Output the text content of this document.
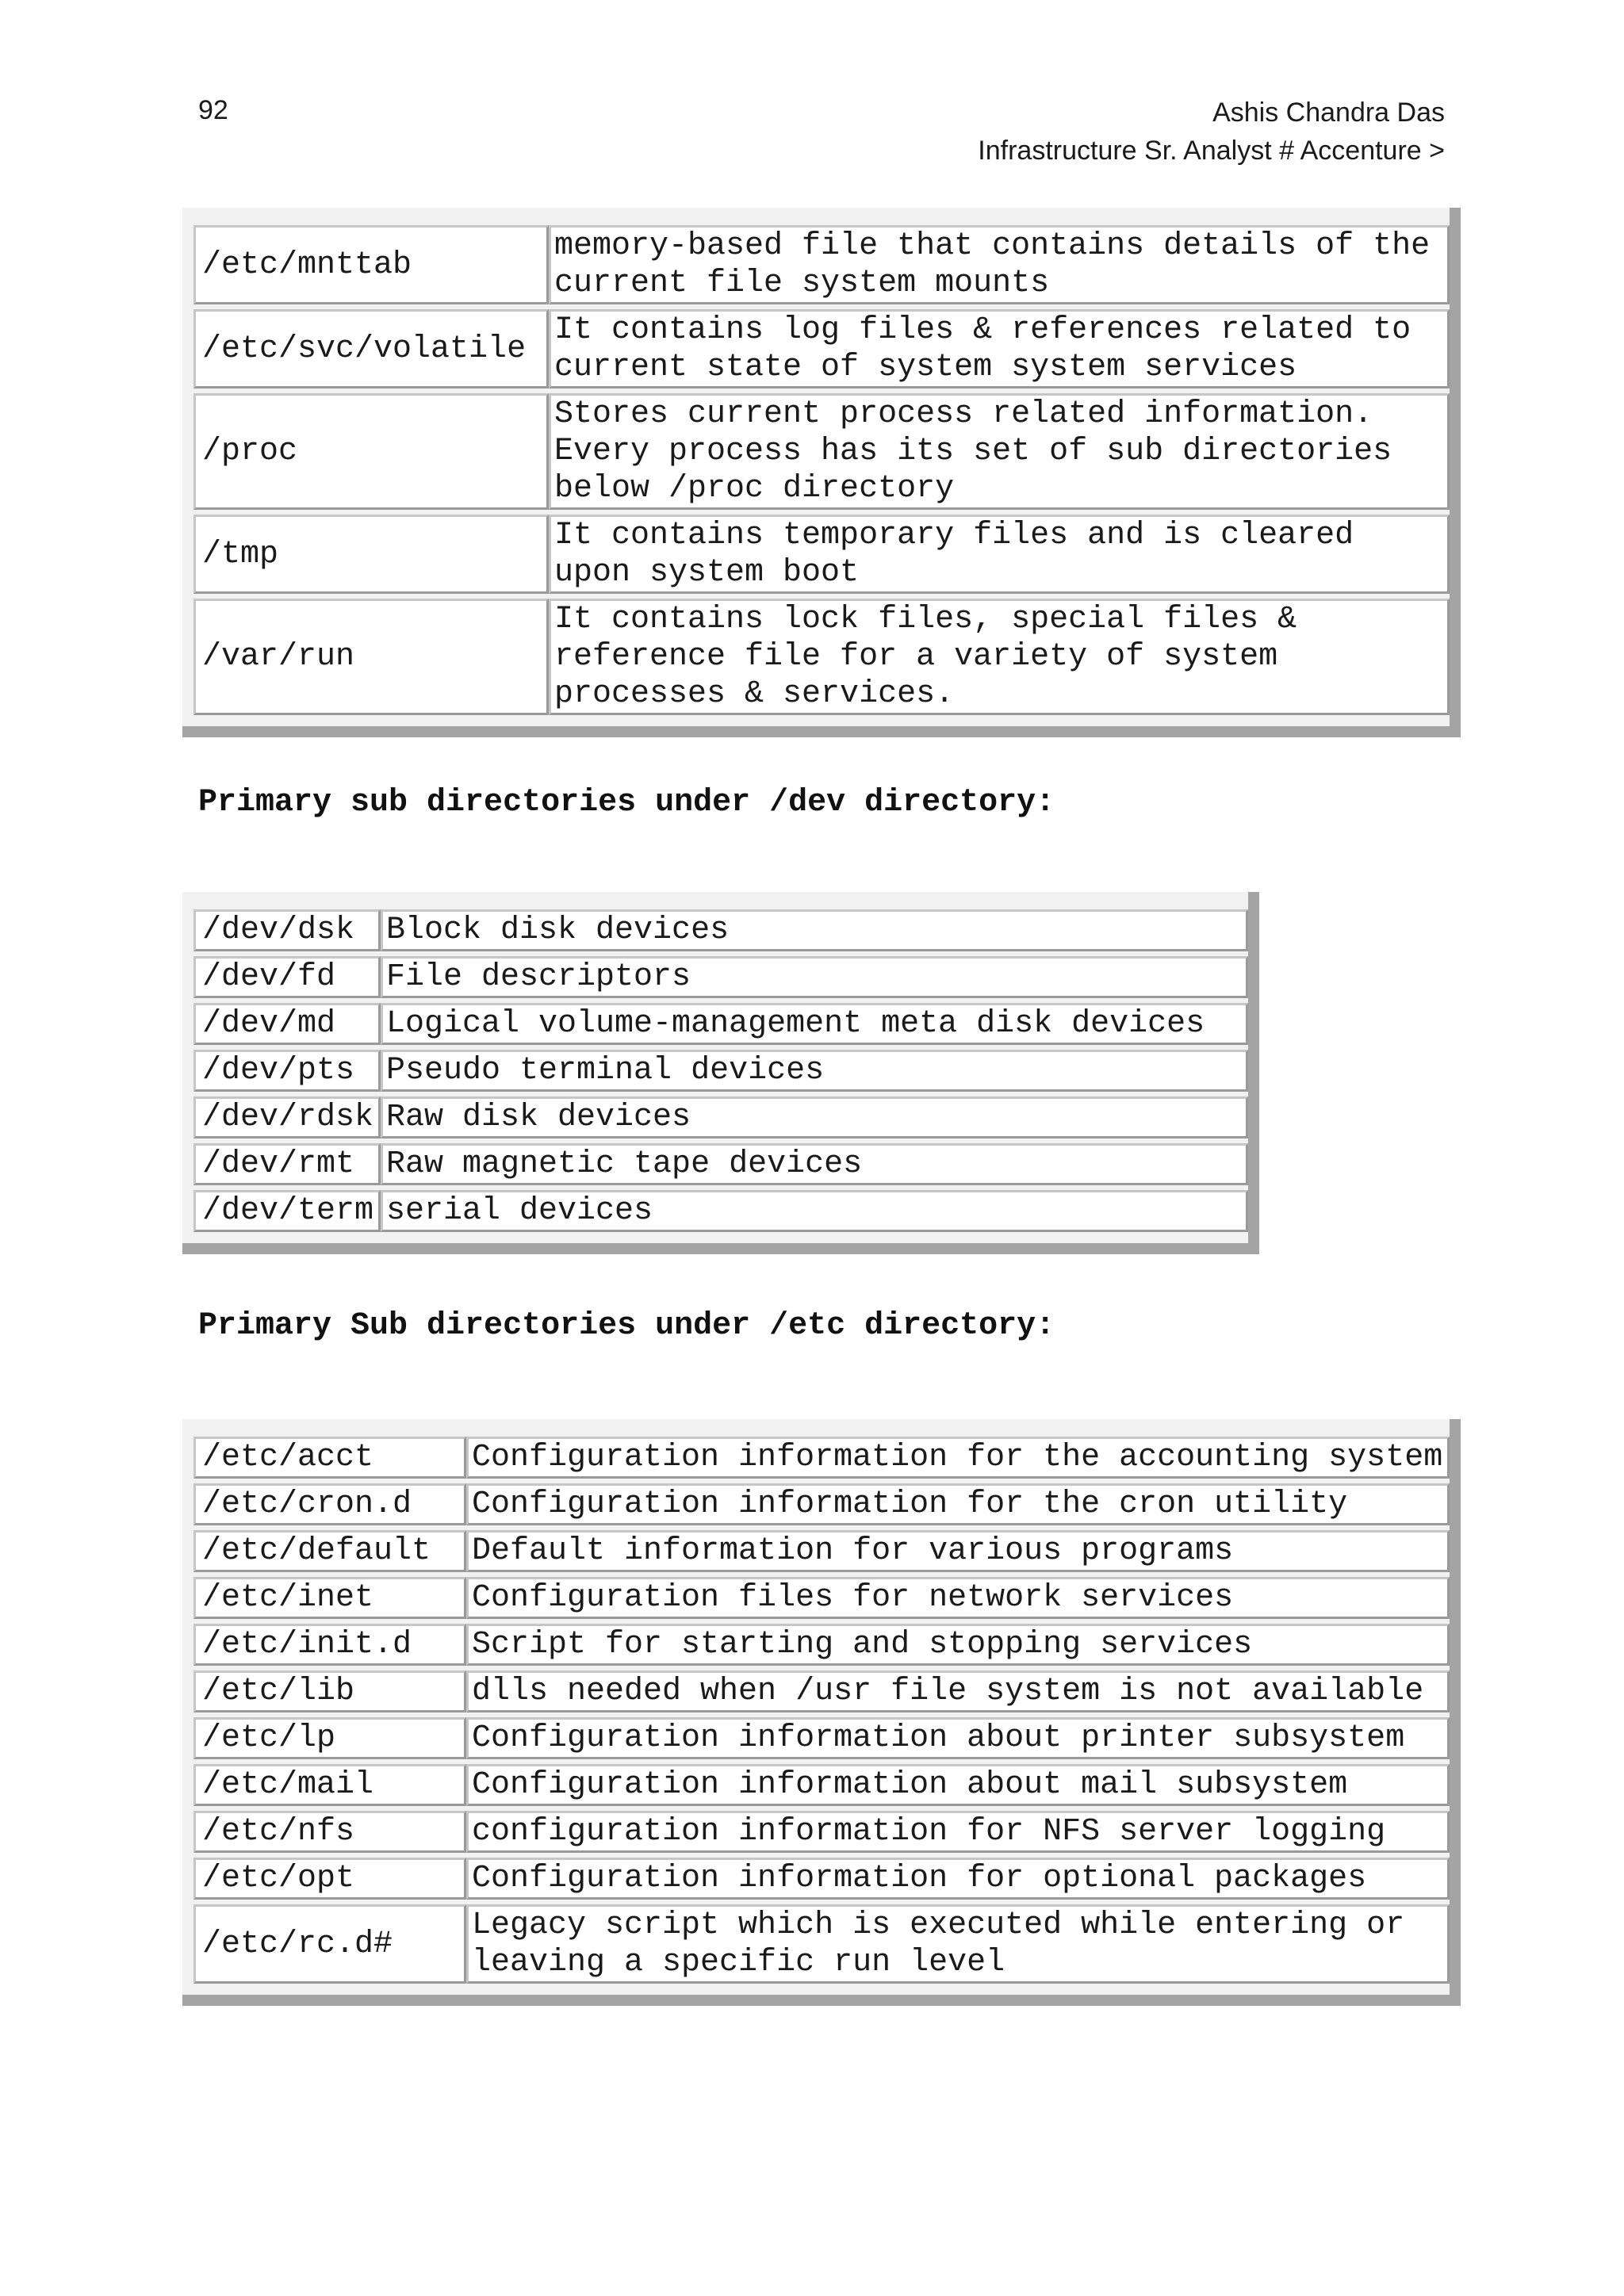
92	Ashis Chandra Das
Infrastructure Sr. Analyst # Accenture >
/etc/mnttab	memory-based file that contains details of the current file system mounts
/etc/svc/volatile	It contains log files & references related to current state of system system services
/proc	Stores current process related information. Every process has its set of sub directories below /proc directory
/tmp	It contains temporary files and is cleared upon system boot
/var/run	It contains lock files, special files & reference file for a variety of system processes & services.
Primary sub directories under /dev directory:
/dev/dsk	Block disk devices
/dev/fd	File descriptors
/dev/md	Logical volume-management meta disk devices
/dev/pts	Pseudo terminal devices
/dev/rdsk	Raw disk devices
/dev/rmt	Raw magnetic tape devices
/dev/term	serial devices
Primary Sub directories under /etc directory:
/etc/acct	Configuration information for the accounting system
/etc/cron.d	Configuration information for the cron utility
/etc/default	Default information for various programs
/etc/inet	Configuration files for network services
/etc/init.d	Script for starting and stopping services
/etc/lib	dlls needed when /usr file system is not available
/etc/lp	Configuration information about printer subsystem
/etc/mail	Configuration information about mail subsystem
/etc/nfs	configuration information for NFS server logging
/etc/opt	Configuration information for optional packages
/etc/rc.d#	Legacy script which is executed while entering or leaving a specific run level
